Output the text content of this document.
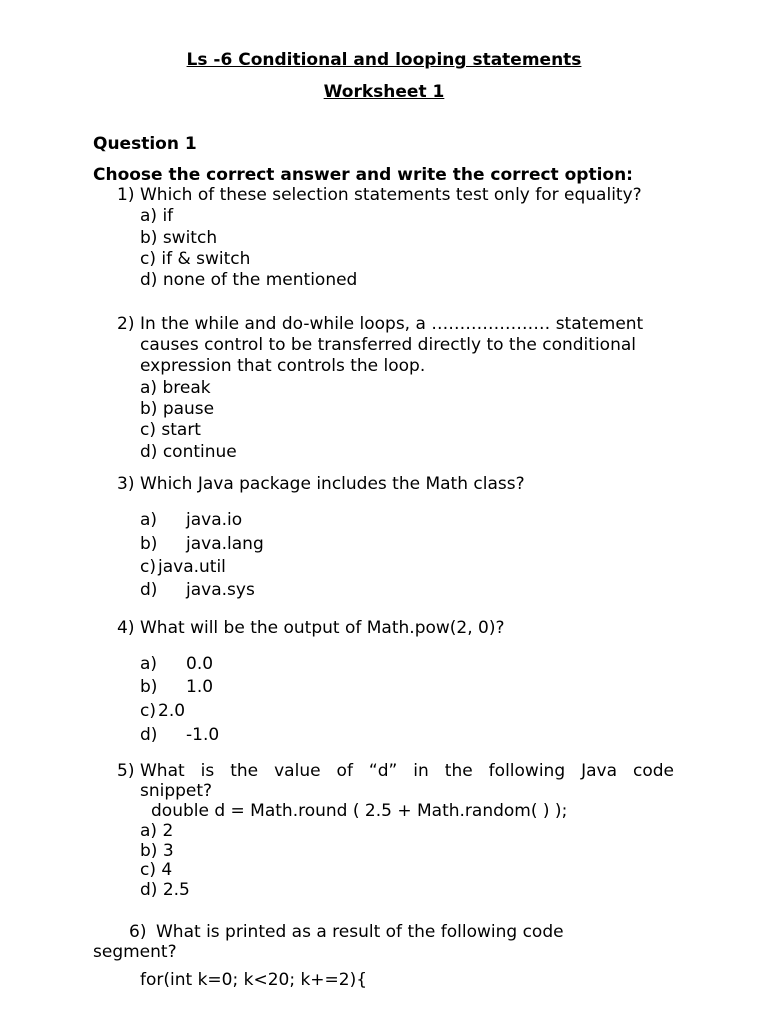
Ls -6 Conditional and looping statements
Worksheet 1
Question 1
Choose the correct answer and write the correct option:
1) Which of these selection statements test only for equality?
a) if
b) switch
c) if & switch
d) none of the mentioned
2) In the while and do-while loops, a ………………… statement
causes control to be transferred directly to the conditional
expression that controls the loop.
a) break
b) pause
c) start
d) continue
3) Which Java package includes the Math class?
a) java.io
b) java.lang
c) java.util
d) java.sys
4) What will be the output of Math.pow(2, 0)?
a) 0.0
b) 1.0
c) 2.0
d) -1.0
5) What is the value of “d” in the following Java code
snippet?
double d = Math.round ( 2.5 + Math.random( ) );
a) 2
b) 3
c) 4
d) 2.5
6) What is printed as a result of the following code
segment?
for(int k=0; k<20; k+=2){
